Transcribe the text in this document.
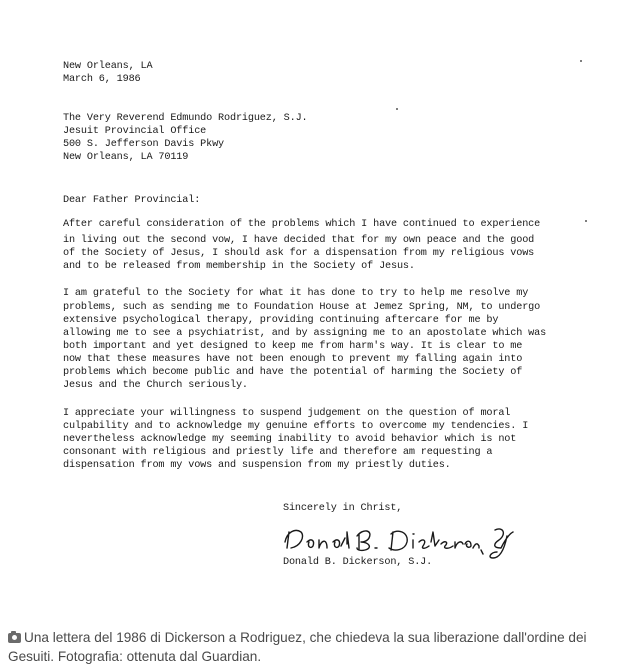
New Orleans, LA
March 6, 1986
The Very Reverend Edmundo Rodriguez, S.J.
Jesuit Provincial Office
500 S. Jefferson Davis Pkwy
New Orleans, LA 70119
Dear Father Provincial:
After careful consideration of the problems which I have continued to experience
in living out the second vow, I have decided that for my own peace and the good
of the Society of Jesus, I should ask for a dispensation from my religious vows
and to be released from membership in the Society of Jesus.
I am grateful to the Society for what it has done to try to help me resolve my
problems, such as sending me to Foundation House at Jemez Spring, NM, to undergo
extensive psychological therapy, providing continuing aftercare for me by
allowing me to see a psychiatrist, and by assigning me to an apostolate which was
both important and yet designed to keep me from harm's way. It is clear to me
now that these measures have not been enough to prevent my falling again into
problems which become public and have the potential of harming the Society of
Jesus and the Church seriously.
I appreciate your willingness to suspend judgement on the question of moral
culpability and to acknowledge my genuine efforts to overcome my tendencies. I
nevertheless acknowledge my seeming inability to avoid behavior which is not
consonant with religious and priestly life and therefore am requesting a
dispensation from my vows and suspension from my priestly duties.
Sincerely in Christ,
Donald B. Dickerson, S.J.
Una lettera del 1986 di Dickerson a Rodriguez, che chiedeva la sua liberazione dall'ordine dei Gesuiti. Fotografia: ottenuta dal Guardian.
